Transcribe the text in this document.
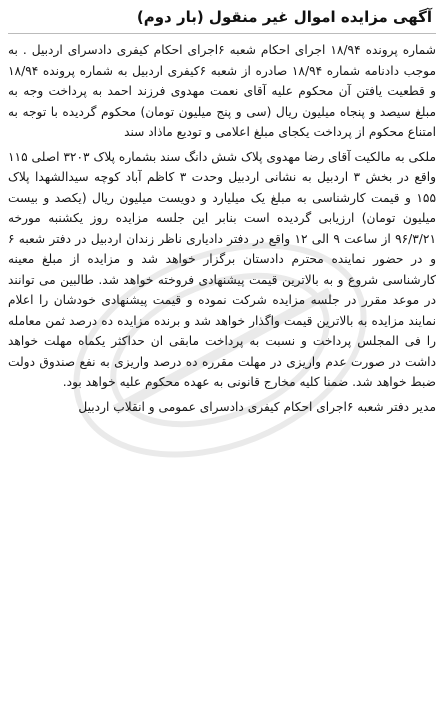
آگهی مزایده اموال غیر منقول (بار دوم)

شماره پرونده ۱۸/۹۴ اجرای احکام شعبه ۶اجرای احکام کیفری دادسرای اردبیل . به موجب دادنامه شماره ۱۸/۹۴ صادره از شعبه ۶کیفری اردبیل به شماره پرونده ۱۸/۹۴ و قطعیت یافتن آن محکوم علیه آقای نعمت مهدوی فرزند احمد به پرداخت وجه به مبلغ سیصد و پنجاه میلیون ریال (سی و پنج میلیون تومان) محکوم گردیده با توجه به امتناع محکوم از پرداخت یکجای مبلغ اعلامی و تودیع ماذاد سند

ملکی به مالکیت آقای رضا مهدوی پلاک شش دانگ سند بشماره پلاک ۳۲۰۳ اصلی ۱۱۵ واقع در بخش ۳ اردبیل به نشانی اردبیل وحدت ۳ کاظم آباد کوچه سیدالشهدا پلاک ۱۵۵ و قیمت کارشناسی به مبلغ یک میلیارد و دویست میلیون ریال (یکصد و بیست میلیون تومان) ارزیابی گردیده است بنابر این جلسه مزایده روز یکشنبه مورخه ۹۶/۳/۲۱ از ساعت ۹ الی ۱۲ واقع در دفتر دادیاری ناظر زندان اردبیل در دفتر شعبه ۶ و در حضور نماینده محترم دادستان برگزار خواهد شد و مزایده از مبلغ معینه کارشناسی شروع و به بالاترین قیمت پیشنهادی فروخته خواهد شد. طالبین می توانند در موعد مقرر در جلسه مزایده شرکت نموده و قیمت پیشنهادی خودشان را اعلام نمایند مزایده به بالاترین قیمت واگذار خواهد شد و برنده مزایده ده درصد ثمن معامله را فی المجلس پرداخت و نسبت به پرداخت مابقی ان حداکثر یکماه مهلت خواهد داشت در صورت عدم واریزی در مهلت مقرره ده درصد واریزی به نفع صندوق دولت ضبط خواهد شد. ضمنا کلیه مخارج قانونی به عهده محکوم علیه خواهد بود.

مدیر دفتر شعبه ۶اجرای احکام کیفری دادسرای عمومی و انقلاب اردبیل
